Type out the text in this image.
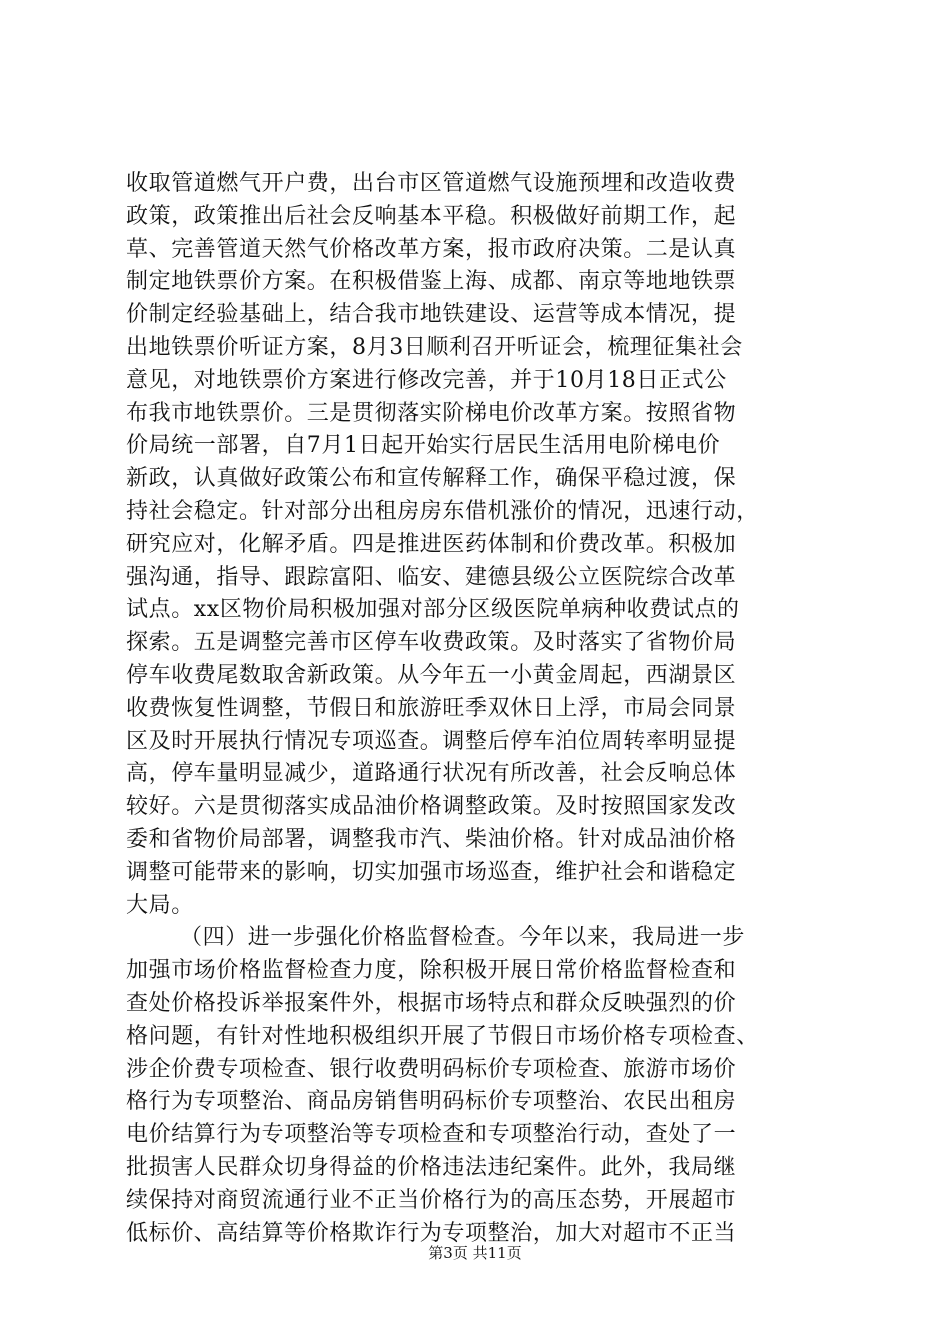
收取管道燃气开户费，出台市区管道燃气设施预埋和改造收费
政策，政策推出后社会反响基本平稳。积极做好前期工作，起
草、完善管道天然气价格改革方案，报市政府决策。二是认真
制定地铁票价方案。在积极借鉴上海、成都、南京等地地铁票
价制定经验基础上，结合我市地铁建设、运营等成本情况，提
出地铁票价听证方案，8月3日顺利召开听证会，梳理征集社会
意见，对地铁票价方案进行修改完善，并于10月18日正式公
布我市地铁票价。三是贯彻落实阶梯电价改革方案。按照省物
价局统一部署，自7月1日起开始实行居民生活用电阶梯电价
新政，认真做好政策公布和宣传解释工作，确保平稳过渡，保
持社会稳定。针对部分出租房房东借机涨价的情况，迅速行动，
研究应对，化解矛盾。四是推进医药体制和价费改革。积极加
强沟通，指导、跟踪富阳、临安、建德县级公立医院综合改革
试点。xx区物价局积极加强对部分区级医院单病种收费试点的
探索。五是调整完善市区停车收费政策。及时落实了省物价局
停车收费尾数取舍新政策。从今年五一小黄金周起，西湖景区
收费恢复性调整，节假日和旅游旺季双休日上浮，市局会同景
区及时开展执行情况专项巡查。调整后停车泊位周转率明显提
高，停车量明显减少，道路通行状况有所改善，社会反响总体
较好。六是贯彻落实成品油价格调整政策。及时按照国家发改
委和省物价局部署，调整我市汽、柴油价格。针对成品油价格
调整可能带来的影响，切实加强市场巡查，维护社会和谐稳定
大局。
（四）进一步强化价格监督检查。今年以来，我局进一步
加强市场价格监督检查力度，除积极开展日常价格监督检查和
查处价格投诉举报案件外，根据市场特点和群众反映强烈的价
格问题，有针对性地积极组织开展了节假日市场价格专项检查、
涉企价费专项检查、银行收费明码标价专项检查、旅游市场价
格行为专项整治、商品房销售明码标价专项整治、农民出租房
电价结算行为专项整治等专项检查和专项整治行动，查处了一
批损害人民群众切身得益的价格违法违纪案件。此外，我局继
续保持对商贸流通行业不正当价格行为的高压态势，开展超市
低标价、高结算等价格欺诈行为专项整治，加大对超市不正当
第3页 共11页
